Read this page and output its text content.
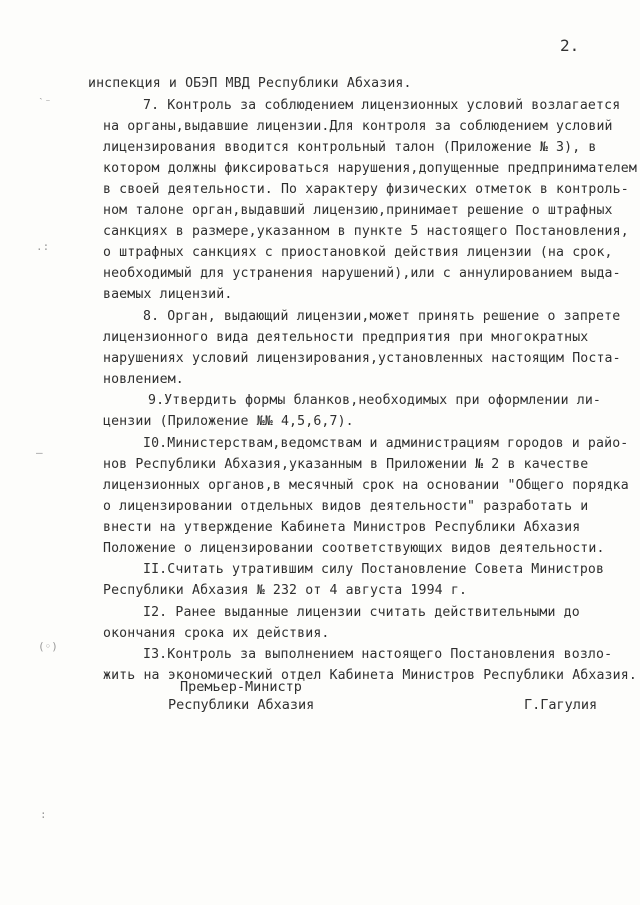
2.
ˋ⁻
.:
–
(◦)
:
инспекция и ОБЭП МВД Республики Абхазия.
7. Контроль за соблюдением лицензионных условий возлагается
на органы,выдавшие лицензии.Для контроля за соблюдением условий
лицензирования вводится контрольный талон (Приложение № 3), в
котором должны фиксироваться нарушения,допущенные предпринимателем
в своей деятельности. По характеру физических отметок в контроль-
ном талоне орган,выдавший лицензию,принимает решение о штрафных
санкциях в размере,указанном в пункте 5 настоящего Постановления,
о штрафных санкциях с приостановкой действия лицензии (на срок,
необходимый для устранения нарушений),или с аннулированием выда-
ваемых лицензий.
8. Орган, выдающий лицензии,может принять решение о запрете
лицензионного вида деятельности предприятия при многократных
нарушениях условий лицензирования,установленных настоящим Поста-
новлением.
9.Утвердить формы бланков,необходимых при оформлении ли-
цензии (Приложение №№ 4,5,6,7).
I0.Министерствам,ведомствам и администрациям городов и райо-
нов Республики Абхазия,указанным в Приложении № 2 в качестве
лицензионных органов,в месячный срок на основании "Общего порядка
о лицензировании отдельных видов деятельности" разработать и
внести на утверждение Кабинета Министров Республики Абхазия
Положение о лицензировании соответствующих видов деятельности.
II.Считать утратившим силу Постановление Совета Министров
Республики Абхазия № 232 от 4 августа 1994 г.
I2. Ранее выданные лицензии считать действительными до
окончания срока их действия.
I3.Контроль за выполнением настоящего Постановления возло-
жить на экономический отдел Кабинета Министров Республики Абхазия.
Премьер-Министр
Республики Абхазия	Г.Гагулия
